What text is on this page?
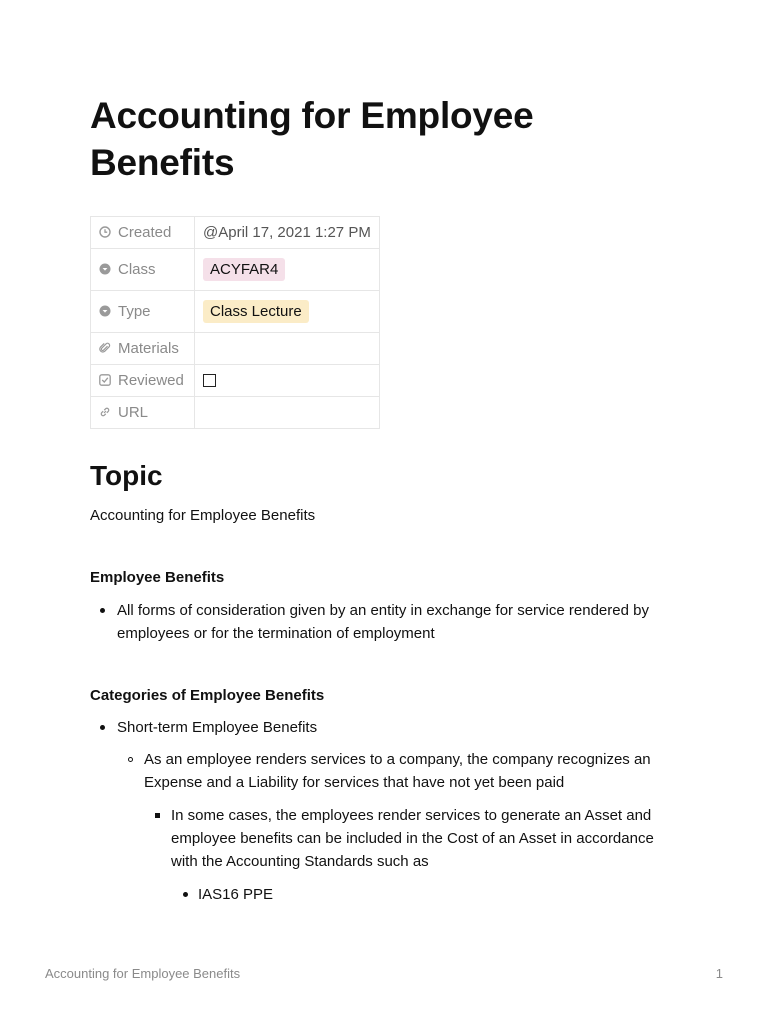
Accounting for Employee Benefits
Created	@April 17, 2021 1:27 PM
Class	ACYFAR4
Type	Class Lecture
Materials	
Reviewed	
URL	
Topic

Accounting for Employee Benefits

Employee Benefits

All forms of consideration given by an entity in exchange for service rendered by employees or for the termination of employment

Categories of Employee Benefits

Short-term Employee Benefits
As an employee renders services to a company, the company recognizes an Expense and a Liability for services that have not yet been paid
In some cases, the employees render services to generate an Asset and employee benefits can be included in the Cost of an Asset in accordance with the Accounting Standards such as
IAS16 PPE
Accounting for Employee Benefits	1
